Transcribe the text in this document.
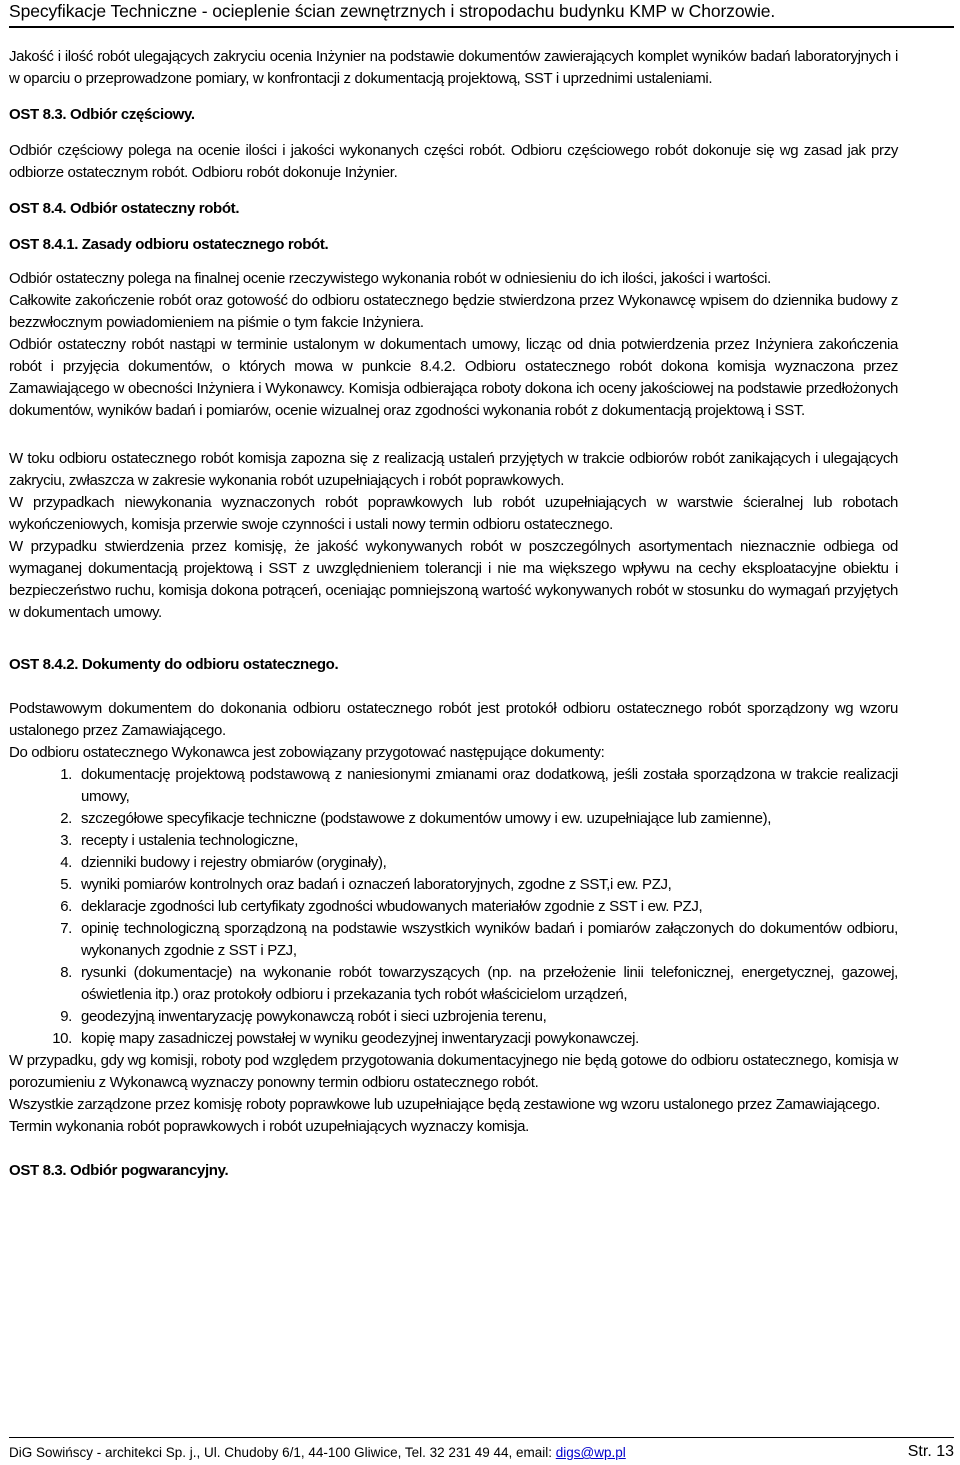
Specyfikacje Techniczne - ocieplenie ścian zewnętrznych i stropodachu budynku KMP w Chorzowie.

Jakość i ilość robót ulegających zakryciu ocenia Inżynier na podstawie dokumentów zawierających komplet wyników badań laboratoryjnych i w oparciu o przeprowadzone pomiary, w konfrontacji z dokumentacją projektową, SST i uprzednimi ustaleniami.

OST 8.3. Odbiór częściowy.

Odbiór częściowy polega na ocenie ilości i jakości wykonanych części robót. Odbioru częściowego robót dokonuje się wg zasad jak przy odbiorze ostatecznym robót. Odbioru robót dokonuje Inżynier.

OST 8.4. Odbiór ostateczny robót.

OST 8.4.1. Zasady odbioru ostatecznego robót.

Odbiór ostateczny polega na finalnej ocenie rzeczywistego wykonania robót w odniesieniu do ich ilości, jakości i wartości.

Całkowite zakończenie robót oraz gotowość do odbioru ostatecznego będzie stwierdzona przez Wykonawcę wpisem do dziennika budowy z bezzwłocznym powiadomieniem na piśmie o tym fakcie Inżyniera.

Odbiór ostateczny robót nastąpi w terminie ustalonym w dokumentach umowy, licząc od dnia potwierdzenia przez Inżyniera zakończenia robót i przyjęcia dokumentów, o których mowa w punkcie 8.4.2. Odbioru ostatecznego robót dokona komisja wyznaczona przez Zamawiającego w obecności Inżyniera i Wykonawcy. Komisja odbierająca roboty dokona ich oceny jakościowej na podstawie przedłożonych dokumentów, wyników badań i pomiarów, ocenie wizualnej oraz zgodności wykonania robót z dokumentacją projektową i SST.

W toku odbioru ostatecznego robót komisja zapozna się z realizacją ustaleń przyjętych w trakcie odbiorów robót zanikających i ulegających zakryciu, zwłaszcza w zakresie wykonania robót uzupełniających i robót poprawkowych.

W przypadkach niewykonania wyznaczonych robót poprawkowych lub robót uzupełniających w warstwie ścieralnej lub robotach wykończeniowych, komisja przerwie swoje czynności i ustali nowy termin odbioru ostatecznego.

W przypadku stwierdzenia przez komisję, że jakość wykonywanych robót w poszczególnych asortymentach nieznacznie odbiega od wymaganej dokumentacją projektową i SST z uwzględnieniem tolerancji i nie ma większego wpływu na cechy eksploatacyjne obiektu i bezpieczeństwo ruchu, komisja dokona potrąceń, oceniając pomniejszoną wartość wykonywanych robót w stosunku do wymagań przyjętych w dokumentach umowy.

OST 8.4.2. Dokumenty do odbioru ostatecznego.

Podstawowym dokumentem do dokonania odbioru ostatecznego robót jest protokół odbioru ostatecznego robót sporządzony wg wzoru ustalonego przez Zamawiającego.

Do odbioru ostatecznego Wykonawca jest zobowiązany przygotować następujące dokumenty:

1. dokumentację projektową podstawową z naniesionymi zmianami oraz dodatkową, jeśli została sporządzona w trakcie realizacji umowy,
2. szczegółowe specyfikacje techniczne (podstawowe z dokumentów umowy i ew. uzupełniające lub zamienne),
3. recepty i ustalenia technologiczne,
4. dzienniki budowy i rejestry obmiarów (oryginały),
5. wyniki pomiarów kontrolnych oraz badań i oznaczeń laboratoryjnych, zgodne z SST,i ew. PZJ,
6. deklaracje zgodności lub certyfikaty zgodności wbudowanych materiałów zgodnie z SST i ew. PZJ,
7. opinię technologiczną sporządzoną na podstawie wszystkich wyników badań i pomiarów załączonych do dokumentów odbioru, wykonanych zgodnie z SST i PZJ,
8. rysunki (dokumentacje) na wykonanie robót towarzyszących (np. na przełożenie linii telefonicznej, energetycznej, gazowej, oświetlenia itp.) oraz protokoły odbioru i przekazania tych robót właścicielom urządzeń,
9. geodezyjną inwentaryzację powykonawczą robót i sieci uzbrojenia terenu,
10. kopię mapy zasadniczej powstałej w wyniku geodezyjnej inwentaryzacji powykonawczej.

W przypadku, gdy wg komisji, roboty pod względem przygotowania dokumentacyjnego nie będą gotowe do odbioru ostatecznego, komisja w porozumieniu z Wykonawcą wyznaczy ponowny termin odbioru ostatecznego robót.

Wszystkie zarządzone przez komisję roboty poprawkowe lub uzupełniające będą zestawione wg wzoru ustalonego przez Zamawiającego.

Termin wykonania robót poprawkowych i robót uzupełniających wyznaczy komisja.

OST 8.3. Odbiór pogwarancyjny.

DiG Sowińscy - architekci Sp. j., Ul. Chudoby 6/1, 44-100 Gliwice, Tel. 32 231 49 44, email: digs@wp.pl	Str. 13
